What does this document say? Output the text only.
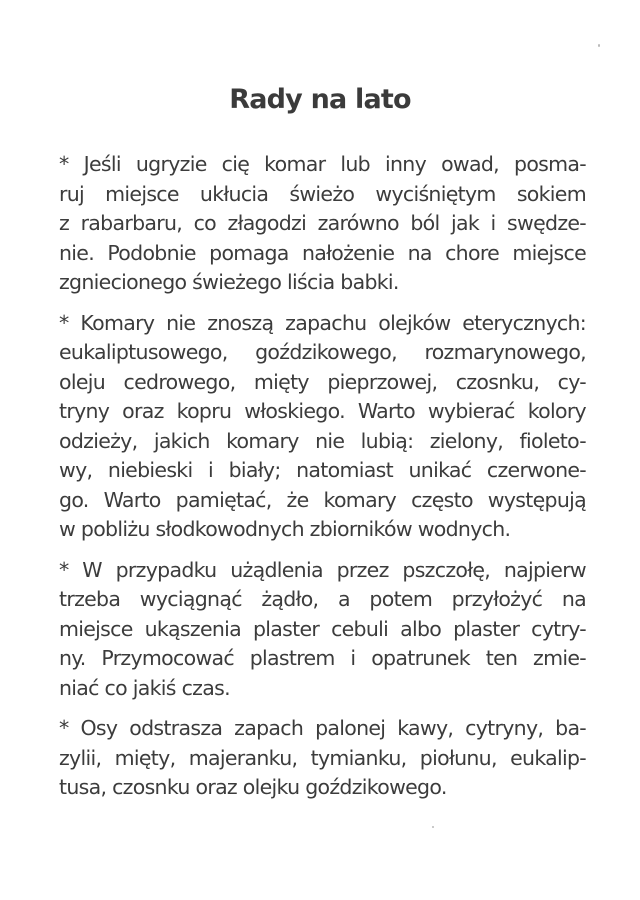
Rady na lato

* Jeśli ugryzie cię komar lub inny owad, posma-
ruj miejsce ukłucia świeżo wyciśniętym sokiem
z rabarbaru, co złagodzi zarówno ból jak i swędze-
nie. Podobnie pomaga nałożenie na chore miejsce
zgniecionego świeżego liścia babki.

* Komary nie znoszą zapachu olejków eterycznych:
eukaliptusowego, goździkowego, rozmarynowego,
oleju cedrowego, mięty pieprzowej, czosnku, cy-
tryny oraz kopru włoskiego. Warto wybierać kolory
odzieży, jakich komary nie lubią: zielony, fioleto-
wy, niebieski i biały; natomiast unikać czerwone-
go. Warto pamiętać, że komary często występują
w pobliżu słodkowodnych zbiorników wodnych.

* W przypadku użądlenia przez pszczołę, najpierw
trzeba wyciągnąć żądło, a potem przyłożyć na
miejsce ukąszenia plaster cebuli albo plaster cytry-
ny. Przymocować plastrem i opatrunek ten zmie-
niać co jakiś czas.

* Osy odstrasza zapach palonej kawy, cytryny, ba-
zylii, mięty, majeranku, tymianku, piołunu, eukalip-
tusa, czosnku oraz olejku goździkowego.
